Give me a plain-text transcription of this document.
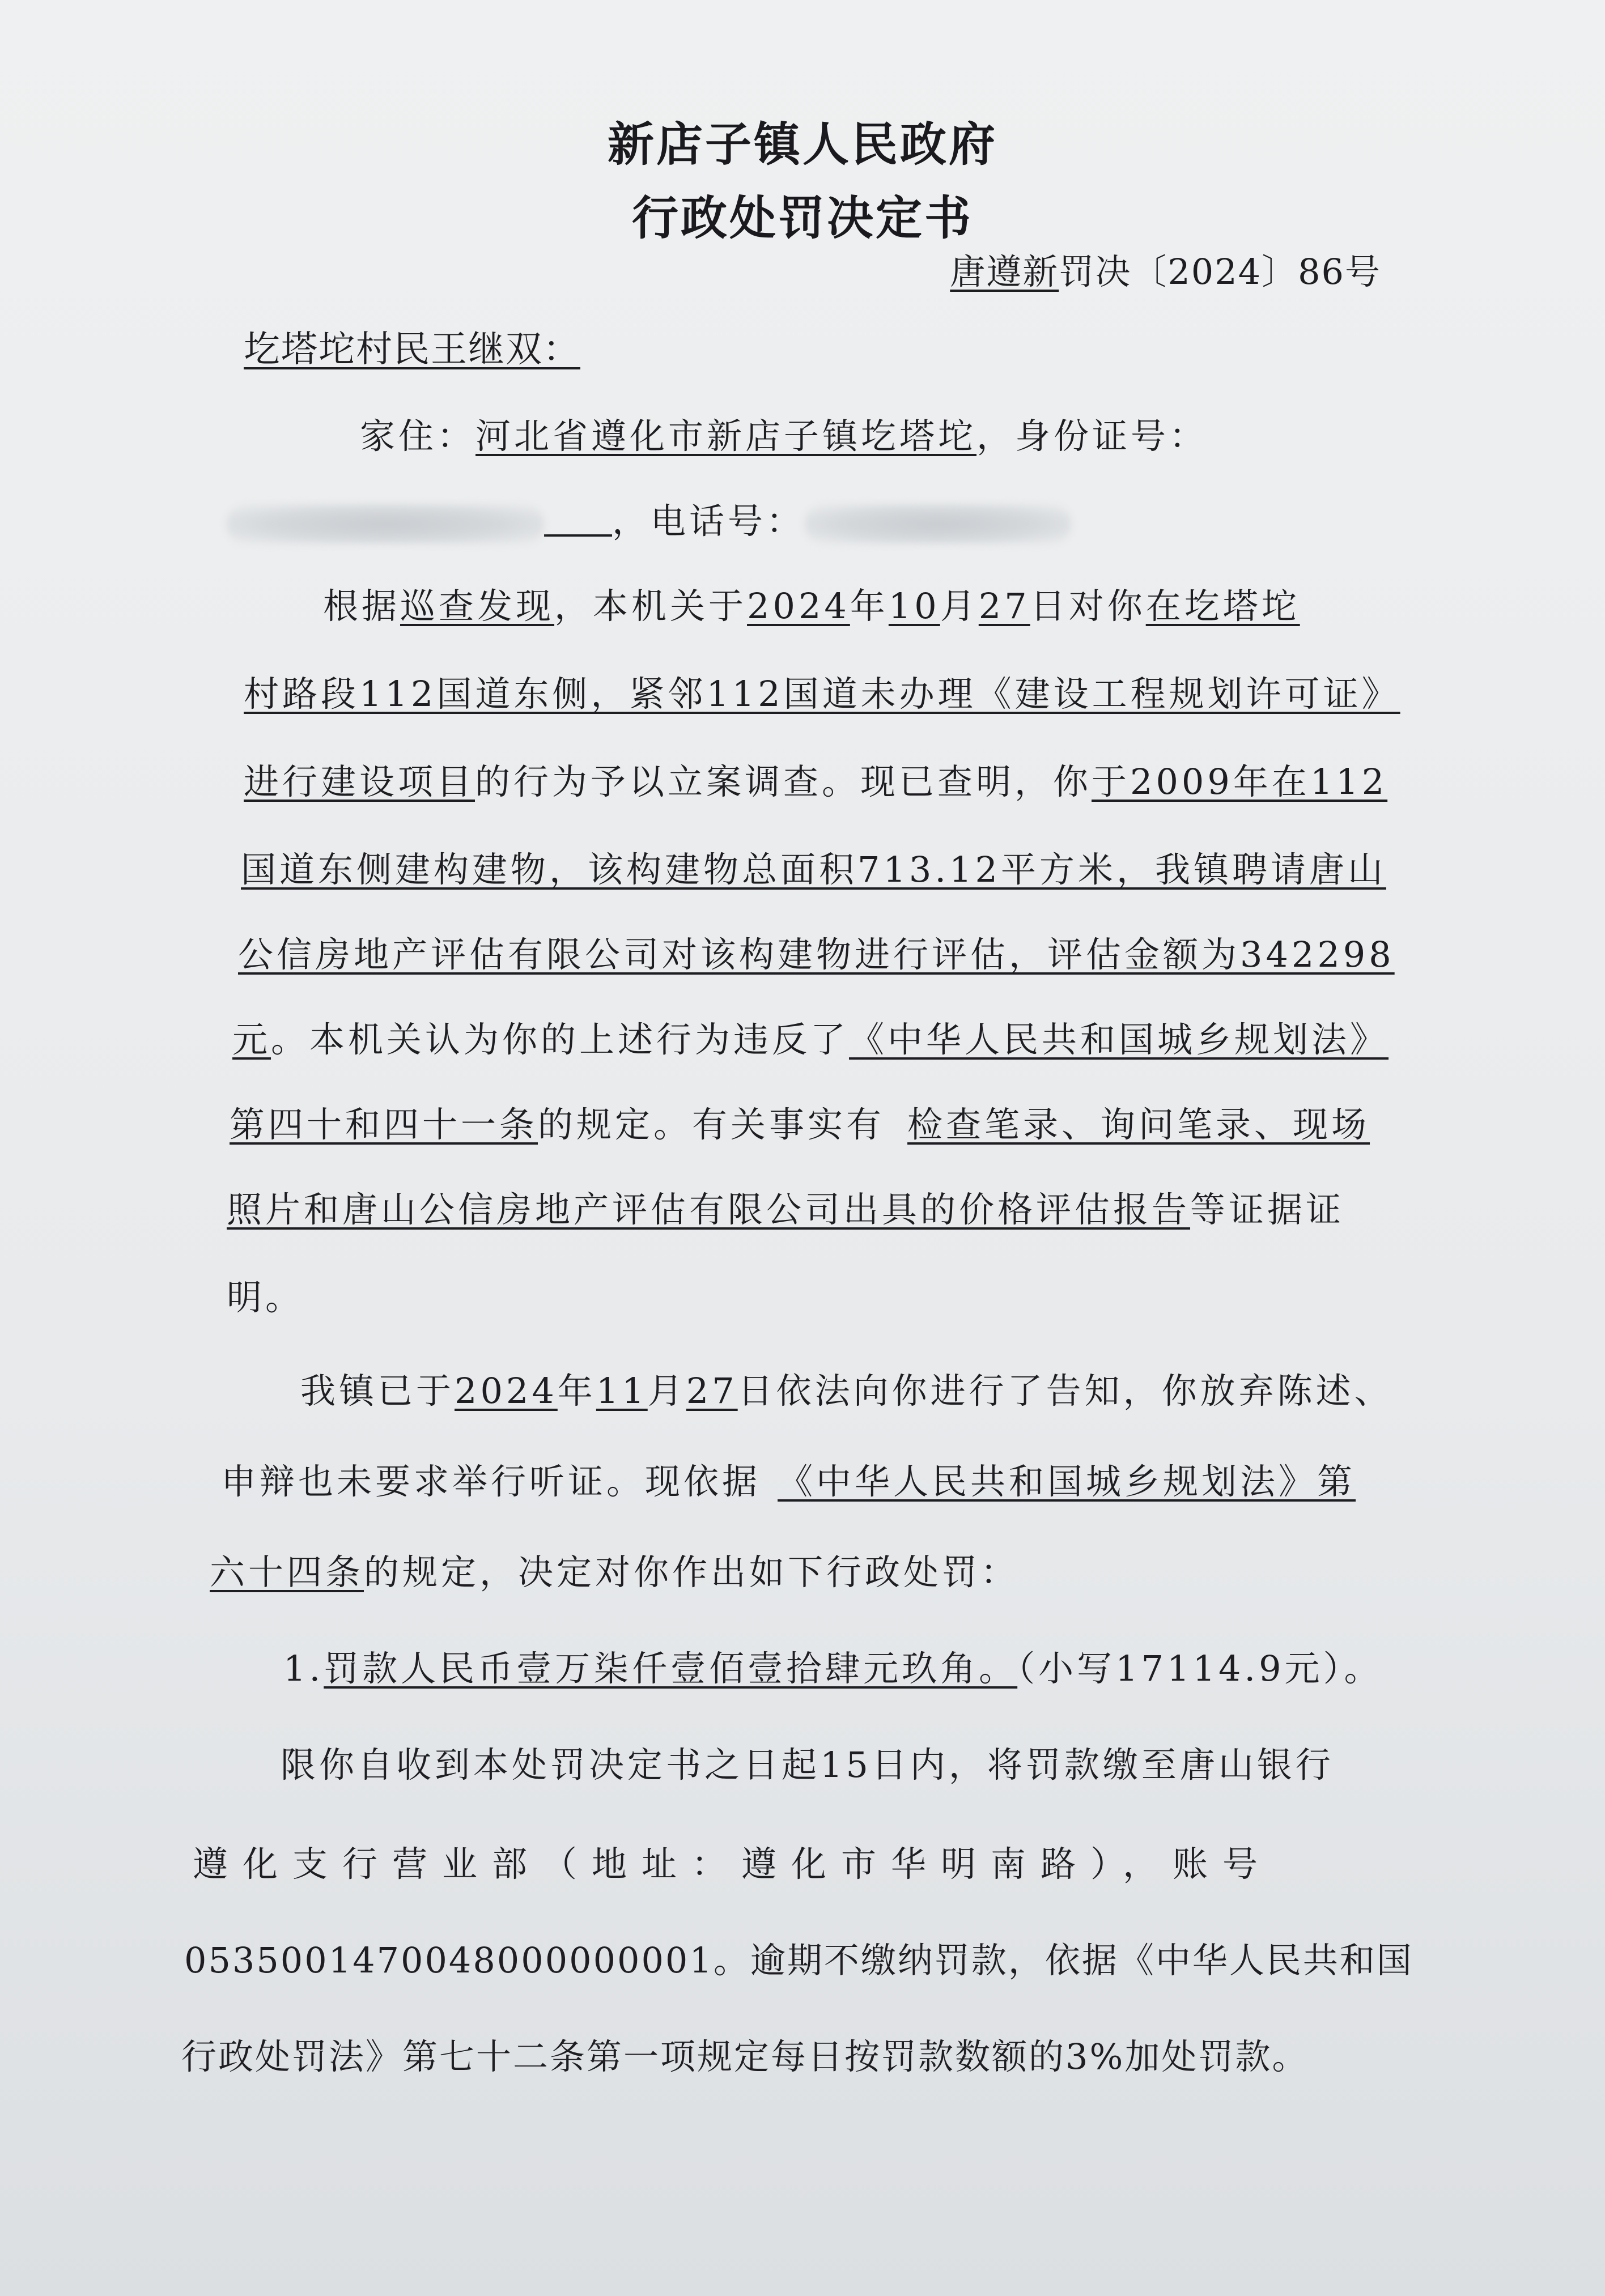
新店子镇人民政府
行政处罚决定书
唐遵新罚决〔2024〕86号
圪塔坨村民王继双：
家住：河北省遵化市新店子镇圪塔坨，身份证号：
，电话号：
根据巡查发现，本机关于2024年10月27日对你在圪塔坨
村路段112国道东侧，紧邻112国道未办理《建设工程规划许可证》
进行建设项目的行为予以立案调查。现已查明，你于2009年在112
国道东侧建构建物，该构建物总面积713.12平方米，我镇聘请唐山
公信房地产评估有限公司对该构建物进行评估，评估金额为342298
元。本机关认为你的上述行为违反了《中华人民共和国城乡规划法》
第四十和四十一条的规定。有关事实有 检查笔录、询问笔录、现场
照片和唐山公信房地产评估有限公司出具的价格评估报告等证据证
明。
我镇已于2024年11月27日依法向你进行了告知，你放弃陈述、
申辩也未要求举行听证。现依据 《中华人民共和国城乡规划法》第
六十四条的规定，决定对你作出如下行政处罚：
1.罚款人民币壹万柒仟壹佰壹拾肆元玖角。（小写17114.9元）。
限你自收到本处罚决定书之日起15日内，将罚款缴至唐山银行
遵化支行营业部（地址：遵化市华明南路），账号
0535001470048000000001。逾期不缴纳罚款，依据《中华人民共和国
行政处罚法》第七十二条第一项规定每日按罚款数额的3%加处罚款。
